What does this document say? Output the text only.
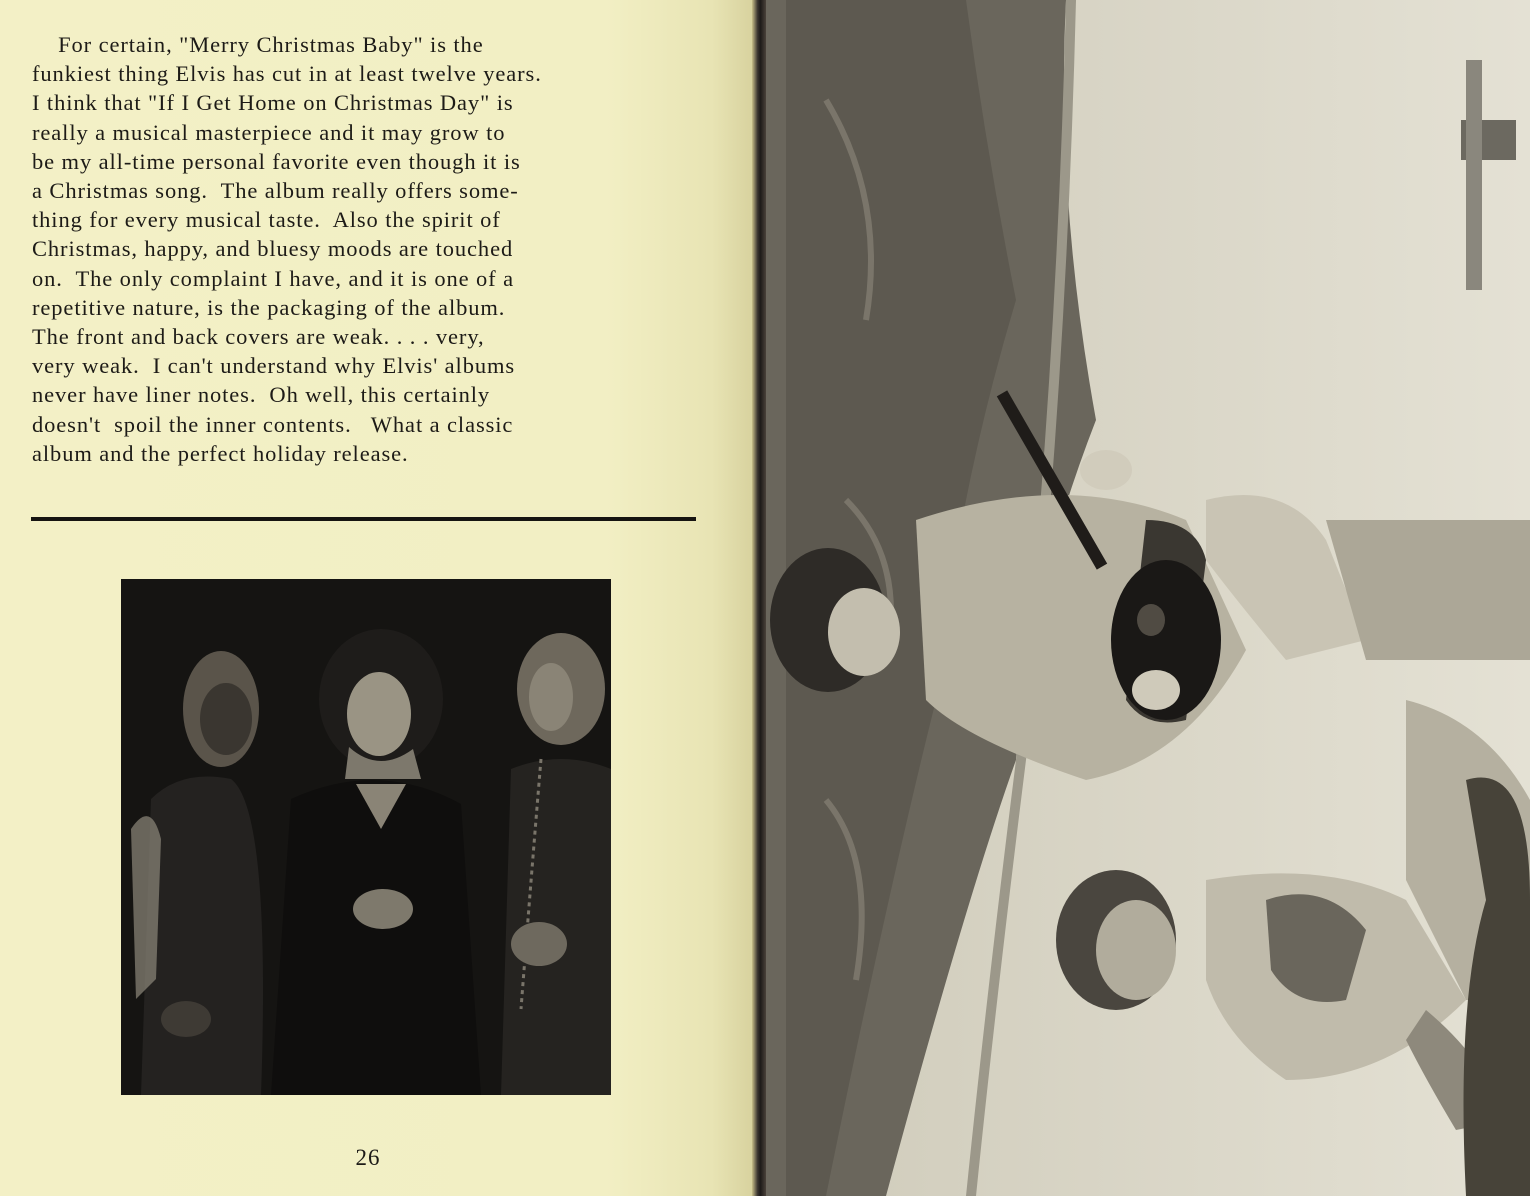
For certain, "Merry Christmas Baby" is the
funkiest thing Elvis has cut in at least twelve years.
I think that "If I Get Home on Christmas Day" is
really a musical masterpiece and it may grow to
be my all-time personal favorite even though it is
a Christmas song.  The album really offers some-
thing for every musical taste.  Also the spirit of
Christmas, happy, and bluesy moods are touched
on.  The only complaint I have, and it is one of a
repetitive nature, is the packaging of the album.
The front and back covers are weak. . . . very,
very weak.  I can't understand why Elvis' albums
never have liner notes.  Oh well, this certainly
doesn't  spoil the inner contents.   What a classic
album and the perfect holiday release.
26
